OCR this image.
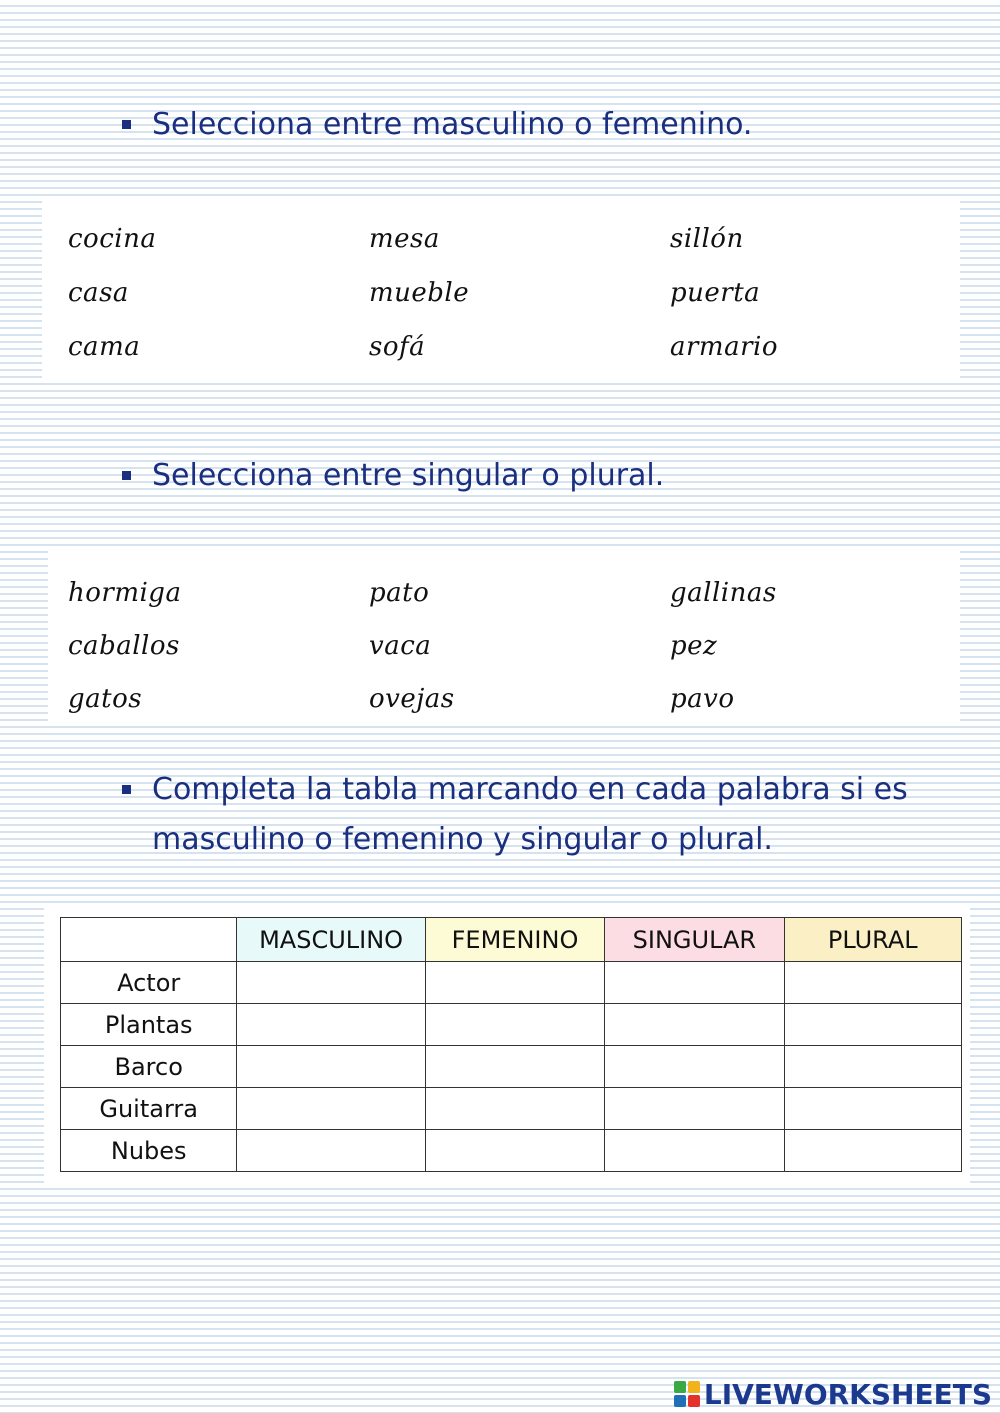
Selecciona entre masculino o femenino.
cocina	mesa	sillón
casa	mueble	puerta
cama	sofá	armario
Selecciona entre singular o plural.
hormiga	pato	gallinas
caballos	vaca	pez
gatos	ovejas	pavo
Completa la tabla marcando en cada palabra si es
masculino o femenino y singular o plural.
	MASCULINO	FEMENINO	SINGULAR	PLURAL
Actor				
Plantas				
Barco				
Guitarra				
Nubes				
LIVEWORKSHEETS
